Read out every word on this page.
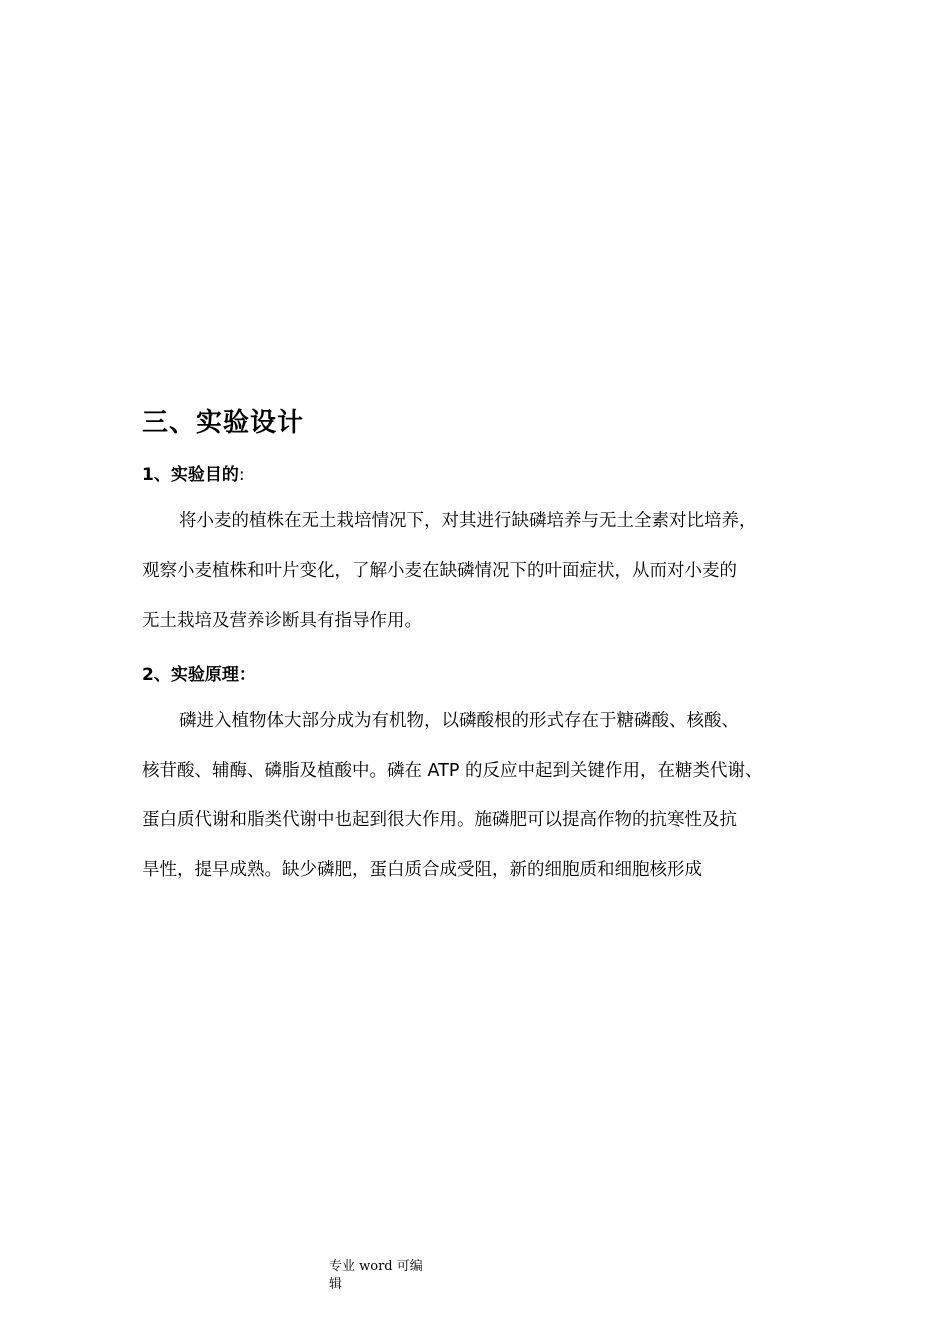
三、实验设计
1、实验目的:
将小麦的植株在无土栽培情况下，对其进行缺磷培养与无土全素对比培养，
观察小麦植株和叶片变化，了解小麦在缺磷情况下的叶面症状，从而对小麦的
无土栽培及营养诊断具有指导作用。
2、实验原理：
磷进入植物体大部分成为有机物，以磷酸根的形式存在于糖磷酸、核酸、
核苷酸、辅酶、磷脂及植酸中。磷在 ATP 的反应中起到关键作用，在糖类代谢、
蛋白质代谢和脂类代谢中也起到很大作用。施磷肥可以提高作物的抗寒性及抗
旱性，提早成熟。缺少磷肥，蛋白质合成受阻，新的细胞质和细胞核形成
专业 word 可编
辑
